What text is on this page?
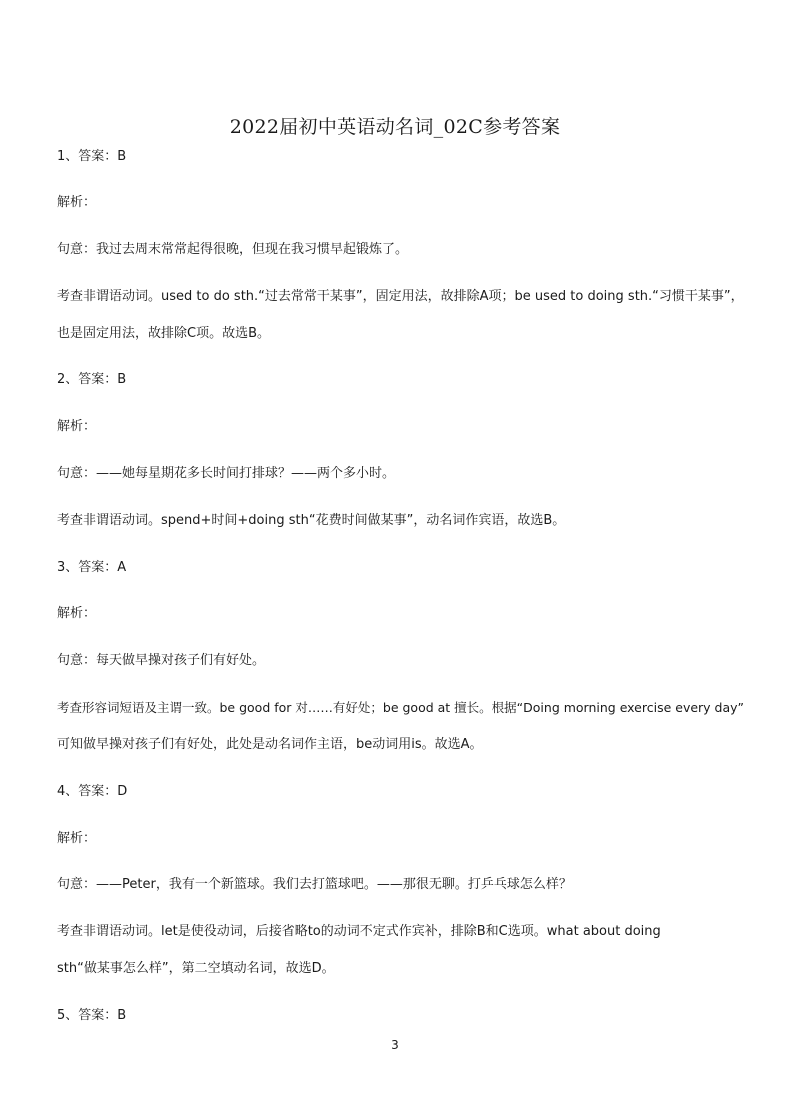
2022届初中英语动名词_02C参考答案
1、答案：B
解析：
句意：我过去周末常常起得很晚，但现在我习惯早起锻炼了。
考查非谓语动词。used to do sth.“过去常常干某事”，固定用法，故排除A项；be used to doing sth.“习惯干某事”，
也是固定用法，故排除C项。故选B。
2、答案：B
解析：
句意：——她每星期花多长时间打排球？——两个多小时。
考查非谓语动词。spend+时间+doing sth“花费时间做某事”，动名词作宾语，故选B。
3、答案：A
解析：
句意：每天做早操对孩子们有好处。
考查形容词短语及主谓一致。be good for 对……有好处；be good at 擅长。根据“Doing morning exercise every day”
可知做早操对孩子们有好处，此处是动名词作主语，be动词用is。故选A。
4、答案：D
解析：
句意：——Peter，我有一个新篮球。我们去打篮球吧。——那很无聊。打乒乓球怎么样？
考查非谓语动词。let是使役动词，后接省略to的动词不定式作宾补，排除B和C选项。what about doing
sth“做某事怎么样”，第二空填动名词，故选D。
5、答案：B
3
